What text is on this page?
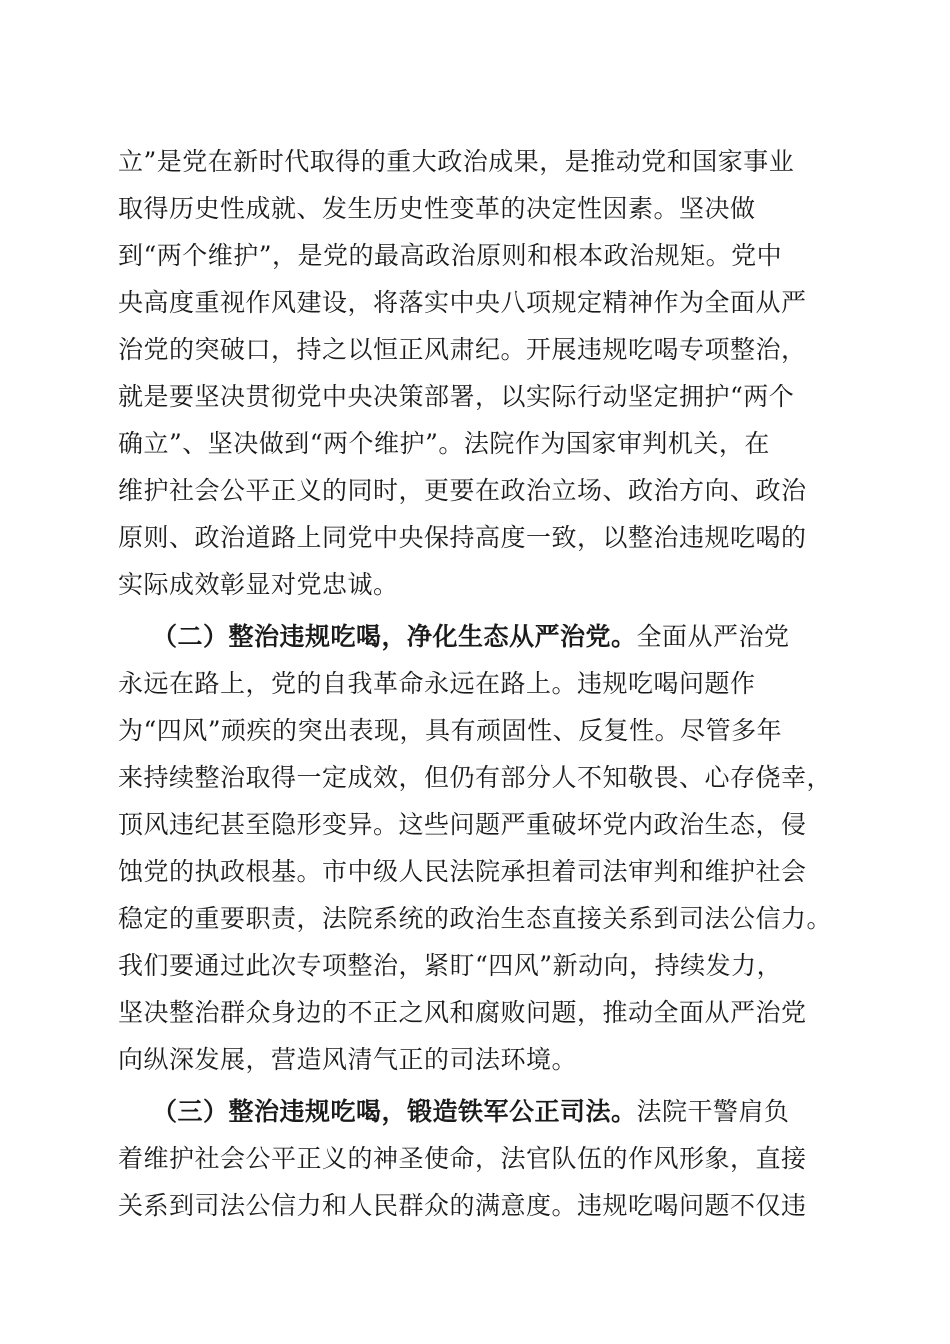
立”是党在新时代取得的重大政治成果，是推动党和国家事业
取得历史性成就、发生历史性变革的决定性因素。坚决做
到“两个维护”，是党的最高政治原则和根本政治规矩。党中
央高度重视作风建设，将落实中央八项规定精神作为全面从严
治党的突破口，持之以恒正风肃纪。开展违规吃喝专项整治，
就是要坚决贯彻党中央决策部署，以实际行动坚定拥护“两个
确立”、坚决做到“两个维护”。法院作为国家审判机关，在
维护社会公平正义的同时，更要在政治立场、政治方向、政治
原则、政治道路上同党中央保持高度一致，以整治违规吃喝的
实际成效彰显对党忠诚。
（二）整治违规吃喝，净化生态从严治党。全面从严治党
永远在路上，党的自我革命永远在路上。违规吃喝问题作
为“四风”顽疾的突出表现，具有顽固性、反复性。尽管多年
来持续整治取得一定成效，但仍有部分人不知敬畏、心存侥幸，
顶风违纪甚至隐形变异。这些问题严重破坏党内政治生态，侵
蚀党的执政根基。市中级人民法院承担着司法审判和维护社会
稳定的重要职责，法院系统的政治生态直接关系到司法公信力。
我们要通过此次专项整治，紧盯“四风”新动向，持续发力，
坚决整治群众身边的不正之风和腐败问题，推动全面从严治党
向纵深发展，营造风清气正的司法环境。
（三）整治违规吃喝，锻造铁军公正司法。法院干警肩负
着维护社会公平正义的神圣使命，法官队伍的作风形象，直接
关系到司法公信力和人民群众的满意度。违规吃喝问题不仅违
